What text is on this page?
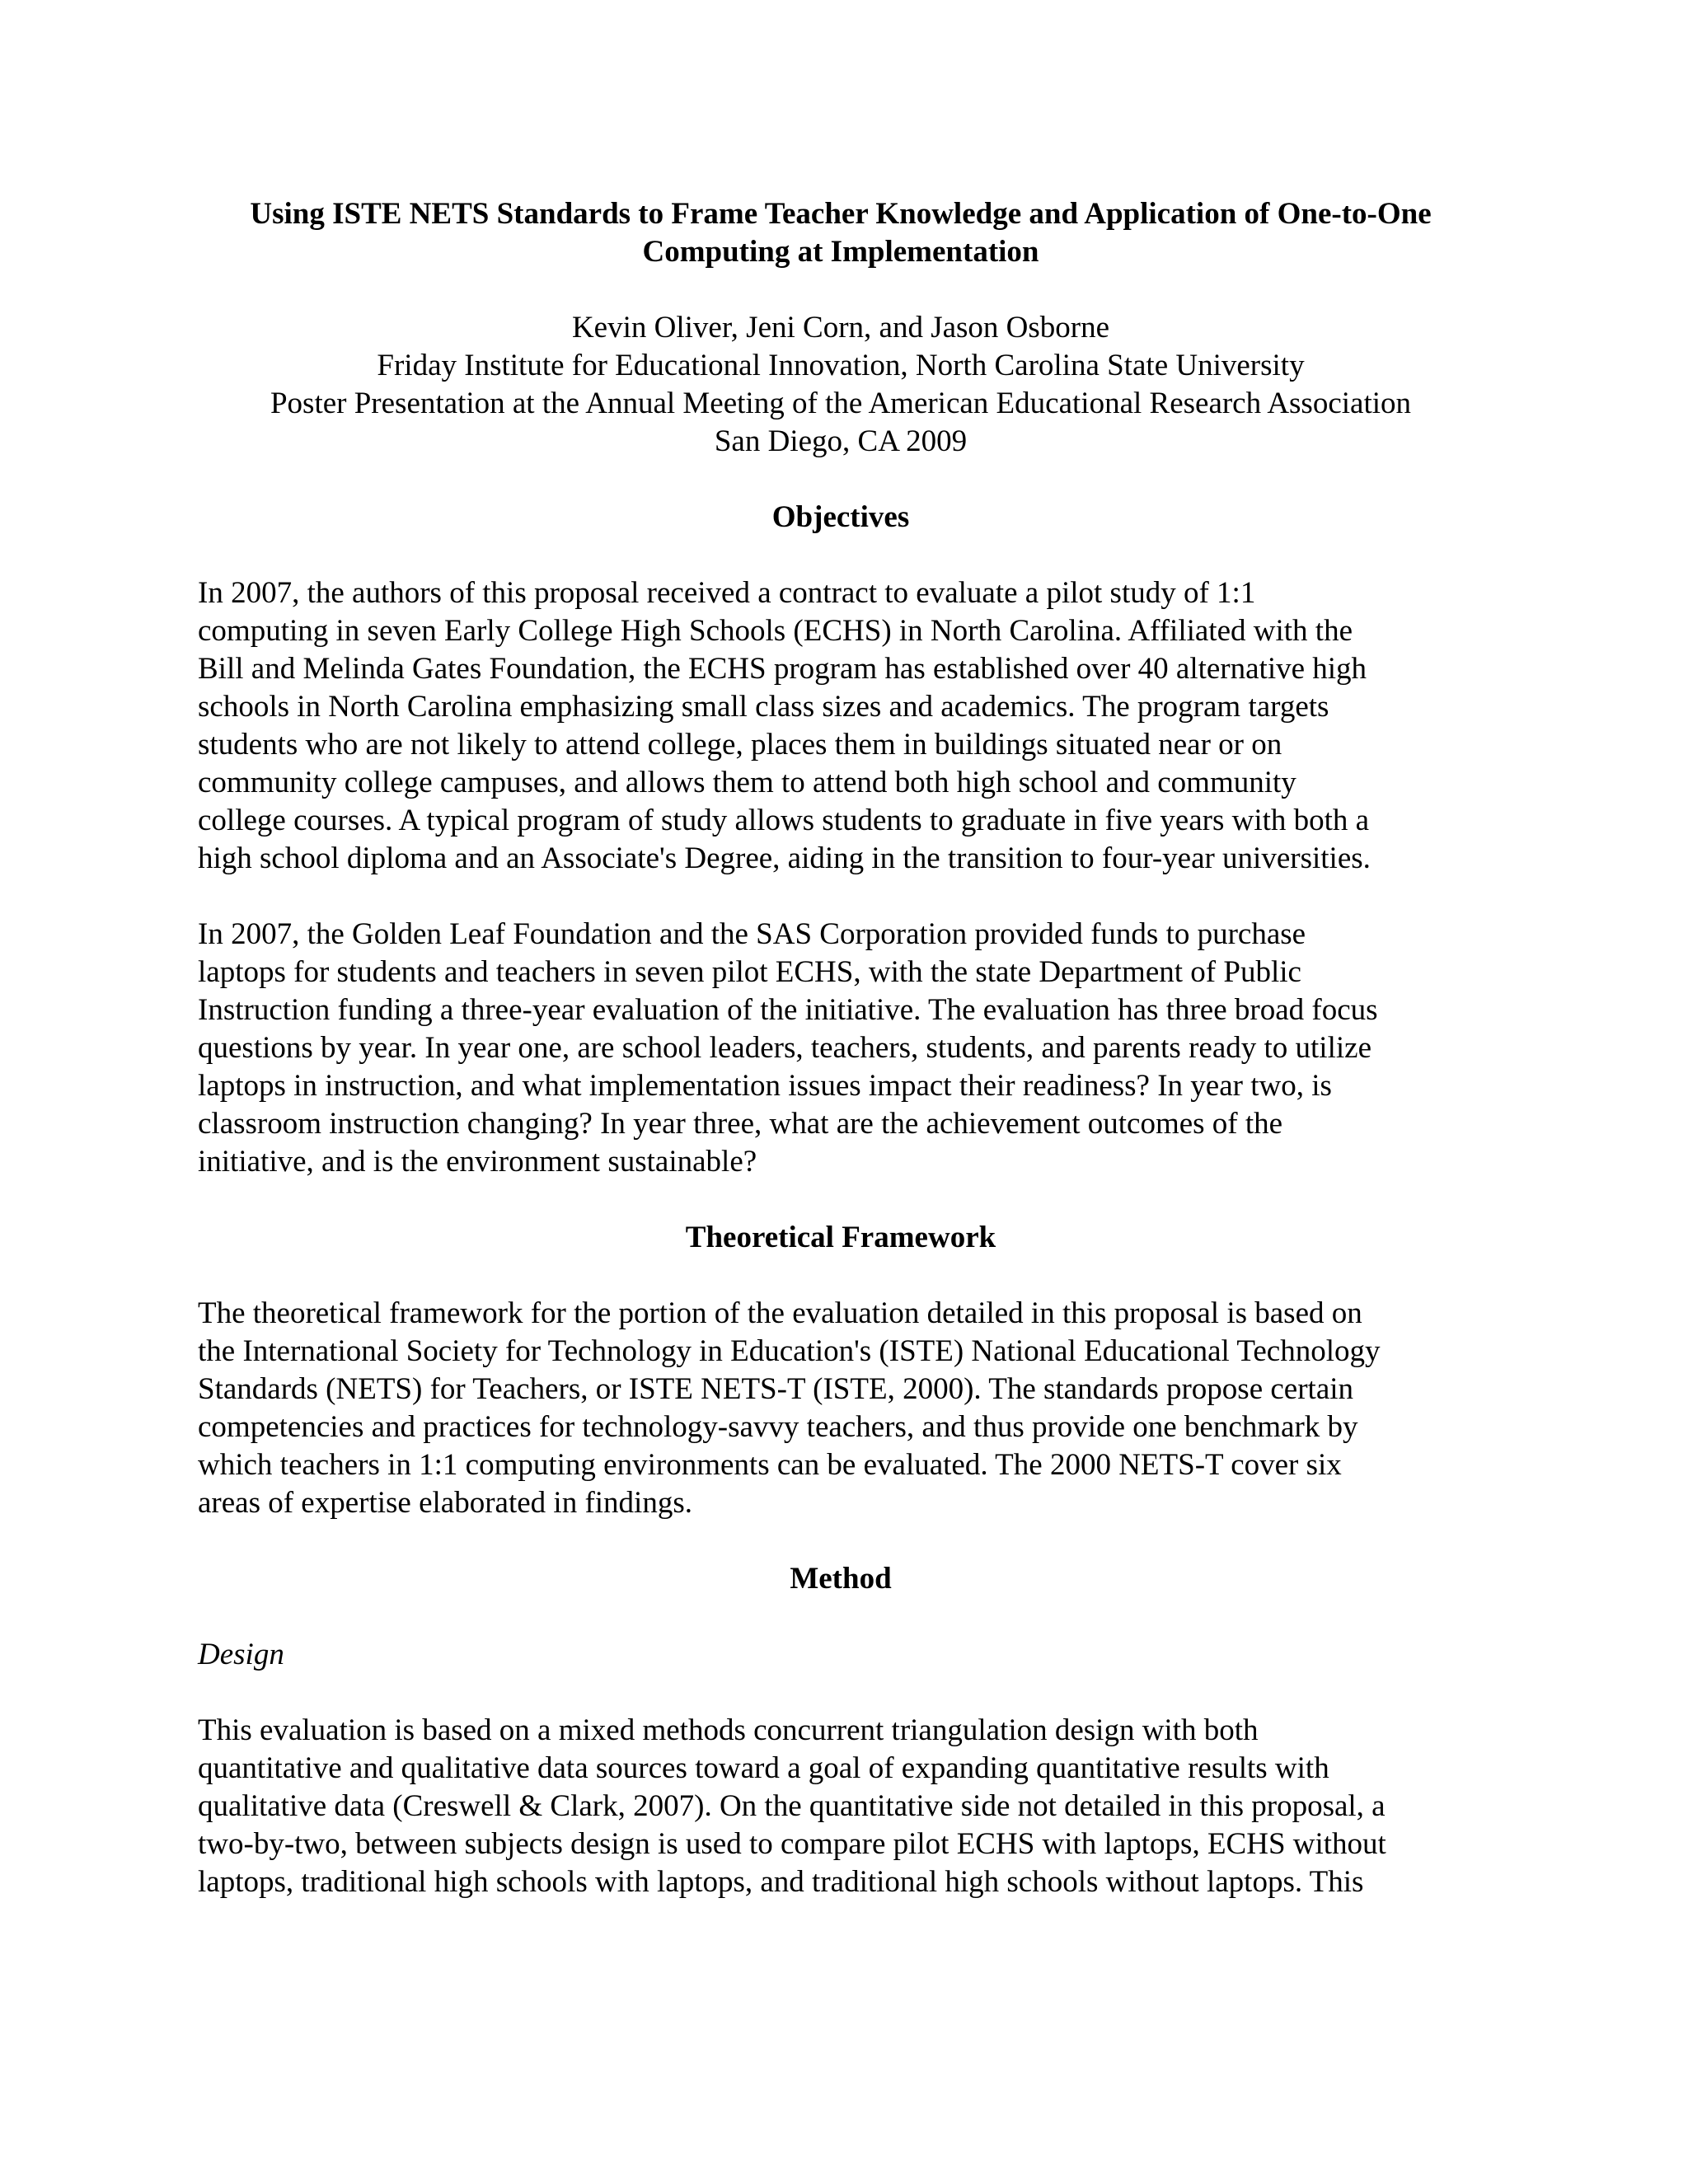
Using ISTE NETS Standards to Frame Teacher Knowledge and Application of One-to-One
Computing at Implementation
Kevin Oliver, Jeni Corn, and Jason Osborne
Friday Institute for Educational Innovation, North Carolina State University
Poster Presentation at the Annual Meeting of the American Educational Research Association
San Diego, CA 2009
Objectives

In 2007, the authors of this proposal received a contract to evaluate a pilot study of 1:1
computing in seven Early College High Schools (ECHS) in North Carolina. Affiliated with the
Bill and Melinda Gates Foundation, the ECHS program has established over 40 alternative high
schools in North Carolina emphasizing small class sizes and academics. The program targets
students who are not likely to attend college, places them in buildings situated near or on
community college campuses, and allows them to attend both high school and community
college courses. A typical program of study allows students to graduate in five years with both a
high school diploma and an Associate's Degree, aiding in the transition to four-year universities.

In 2007, the Golden Leaf Foundation and the SAS Corporation provided funds to purchase
laptops for students and teachers in seven pilot ECHS, with the state Department of Public
Instruction funding a three-year evaluation of the initiative. The evaluation has three broad focus
questions by year. In year one, are school leaders, teachers, students, and parents ready to utilize
laptops in instruction, and what implementation issues impact their readiness? In year two, is
classroom instruction changing? In year three, what are the achievement outcomes of the
initiative, and is the environment sustainable?

Theoretical Framework

The theoretical framework for the portion of the evaluation detailed in this proposal is based on
the International Society for Technology in Education's (ISTE) National Educational Technology
Standards (NETS) for Teachers, or ISTE NETS-T (ISTE, 2000). The standards propose certain
competencies and practices for technology-savvy teachers, and thus provide one benchmark by
which teachers in 1:1 computing environments can be evaluated. The 2000 NETS-T cover six
areas of expertise elaborated in findings.

Method
Design

This evaluation is based on a mixed methods concurrent triangulation design with both
quantitative and qualitative data sources toward a goal of expanding quantitative results with
qualitative data (Creswell & Clark, 2007). On the quantitative side not detailed in this proposal, a
two-by-two, between subjects design is used to compare pilot ECHS with laptops, ECHS without
laptops, traditional high schools with laptops, and traditional high schools without laptops. This
